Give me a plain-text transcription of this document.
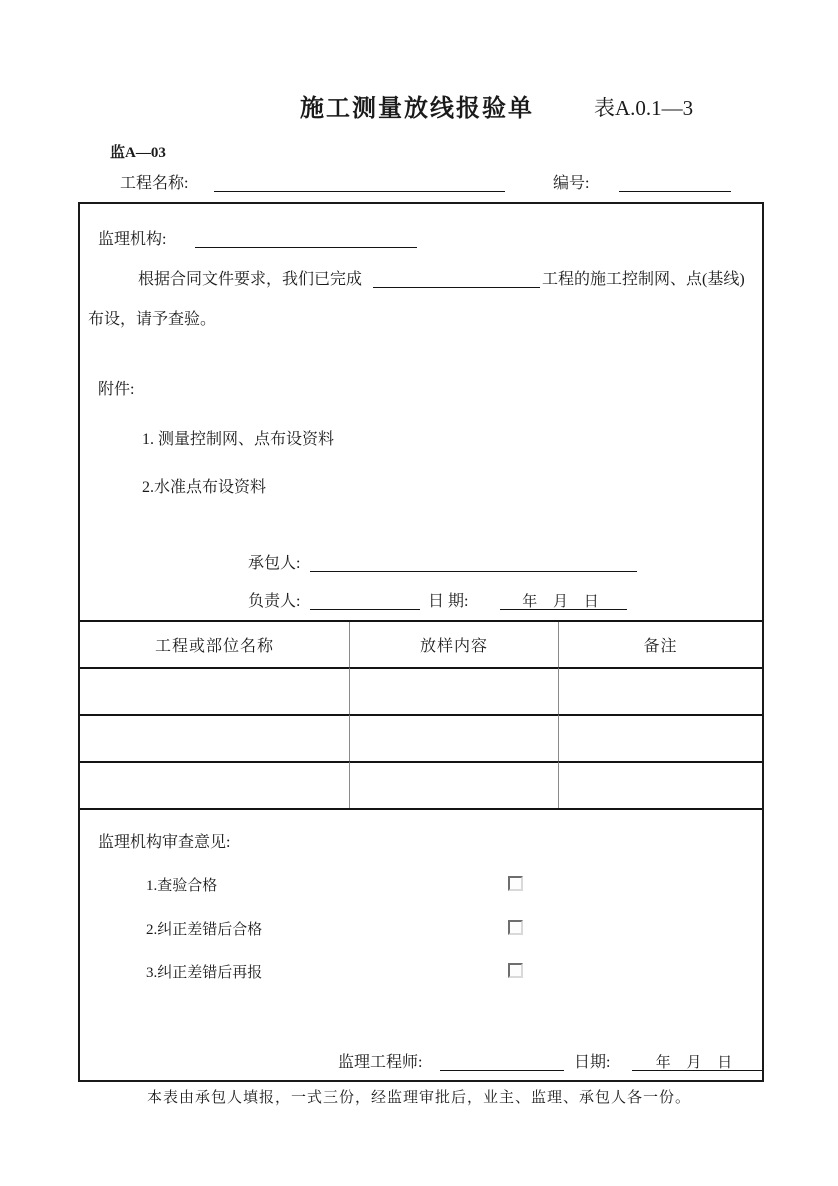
施工测量放线报验单	表A.0.1—3
监A—03
工程名称:	编号:
监理机构:
根据合同文件要求，我们已完成	工程的施工控制网、点(基线)
布设，请予查验。
附件:
1. 测量控制网、点布设资料
2.水准点布设资料
承包人:
负责人:	日 期:	年 月 日
工程或部位名称	放样内容	备注
监理机构审查意见:
1.查验合格
2.纠正差错后合格
3.纠正差错后再报
监理工程师:	日期:	年 月 日
本表由承包人填报，一式三份，经监理审批后，业主、监理、承包人各一份。
